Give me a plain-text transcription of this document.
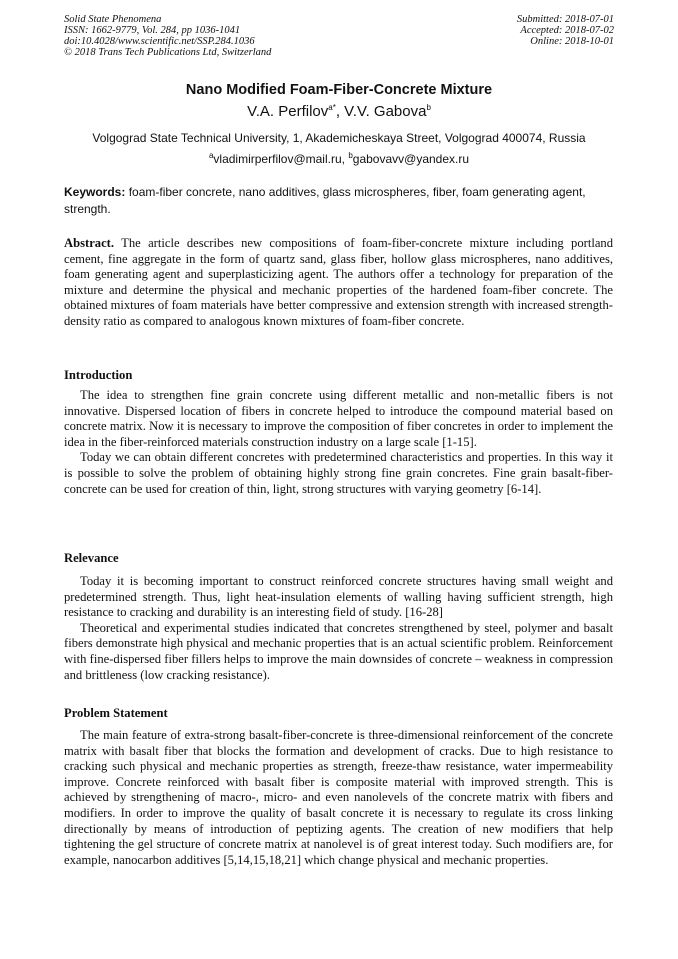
Solid State Phenomena
ISSN: 1662-9779, Vol. 284, pp 1036-1041
doi:10.4028/www.scientific.net/SSP.284.1036
© 2018 Trans Tech Publications Ltd, Switzerland
Submitted: 2018-07-01
Accepted: 2018-07-02
Online: 2018-10-01
Nano Modified Foam-Fiber-Concrete Mixture
V.A. Perfilov$^{a*}$, V.V. Gabova$^b$
Volgograd State Technical University, 1, Akademicheskaya Street, Volgograd 400074, Russia
$^a$vladimirperfilov@mail.ru, $^b$gabovavv@yandex.ru
Keywords: foam-fiber concrete, nano additives, glass microspheres, fiber, foam generating agent, strength.

Abstract. The article describes new compositions of foam-fiber-concrete mixture including portland cement, fine aggregate in the form of quartz sand, glass fiber, hollow glass microspheres, nano additives, foam generating agent and superplasticizing agent. The authors offer a technology for preparation of the mixture and determine the physical and mechanic properties of the hardened foam-fiber concrete. The obtained mixtures of foam materials have better compressive and extension strength with increased strength-density ratio as compared to analogous known mixtures of foam-fiber concrete.

Introduction

The idea to strengthen fine grain concrete using different metallic and non-metallic fibers is not innovative. Dispersed location of fibers in concrete helped to introduce the compound material based on concrete matrix. Now it is necessary to improve the composition of fiber concretes in order to implement the idea in the fiber-reinforced materials construction industry on a large scale [1-15].

Today we can obtain different concretes with predetermined characteristics and properties. In this way it is possible to solve the problem of obtaining highly strong fine grain concretes. Fine grain basalt-fiber-concrete can be used for creation of thin, light, strong structures with varying geometry [6-14].

Relevance

Today it is becoming important to construct reinforced concrete structures having small weight and predetermined strength. Thus, light heat-insulation elements of walling having sufficient strength, high resistance to cracking and durability is an interesting field of study. [16-28]

Theoretical and experimental studies indicated that concretes strengthened by steel, polymer and basalt fibers demonstrate high physical and mechanic properties that is an actual scientific problem. Reinforcement with fine-dispersed fiber fillers helps to improve the main downsides of concrete – weakness in compression and brittleness (low cracking resistance).

Problem Statement

The main feature of extra-strong basalt-fiber-concrete is three-dimensional reinforcement of the concrete matrix with basalt fiber that blocks the formation and development of cracks. Due to high resistance to cracking such physical and mechanic properties as strength, freeze-thaw resistance, water impermeability improve. Concrete reinforced with basalt fiber is composite material with improved strength. This is achieved by strengthening of macro-, micro- and even nanolevels of the concrete matrix with fibers and modifiers. In order to improve the quality of basalt concrete it is necessary to regulate its cross linking directionally by means of introduction of peptizing agents. The creation of new modifiers that help tightening the gel structure of concrete matrix at nanolevel is of great interest today. Such modifiers are, for example, nanocarbon additives [5,14,15,18,21] which change physical and mechanic properties.
